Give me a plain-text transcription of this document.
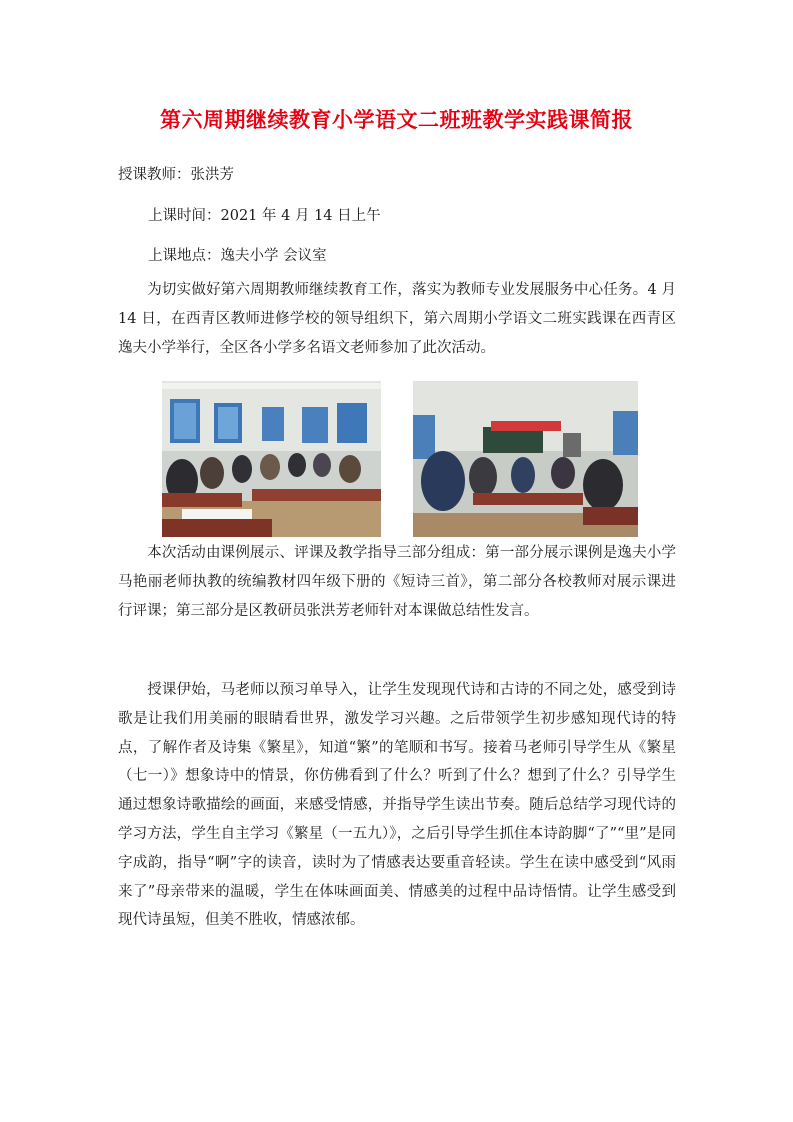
第六周期继续教育小学语文二班班教学实践课简报
授课教师：张洪芳
上课时间：2021 年 4 月 14 日上午
上课地点：逸夫小学 会议室

为切实做好第六周期教师继续教育工作，落实为教师专业发展服务中心任务。4 月 14 日，在西青区教师进修学校的领导组织下，第六周期小学语文二班实践课在西青区逸夫小学举行，全区各小学多名语文老师参加了此次活动。

本次活动由课例展示、评课及教学指导三部分组成：第一部分展示课例是逸夫小学马艳丽老师执教的统编教材四年级下册的《短诗三首》，第二部分各校教师对展示课进行评课；第三部分是区教研员张洪芳老师针对本课做总结性发言。

授课伊始，马老师以预习单导入，让学生发现现代诗和古诗的不同之处，感受到诗歌是让我们用美丽的眼睛看世界，激发学习兴趣。之后带领学生初步感知现代诗的特点，了解作者及诗集《繁星》，知道“繁”的笔顺和书写。接着马老师引导学生从《繁星（七一）》想象诗中的情景，你仿佛看到了什么？听到了什么？想到了什么？引导学生通过想象诗歌描绘的画面，来感受情感，并指导学生读出节奏。随后总结学习现代诗的学习方法，学生自主学习《繁星（一五九）》，之后引导学生抓住本诗韵脚“了”“里”是同字成韵，指导“啊”字的读音，读时为了情感表达要重音轻读。学生在读中感受到“风雨来了”母亲带来的温暖，学生在体味画面美、情感美的过程中品诗悟情。让学生感受到现代诗虽短，但美不胜收，情感浓郁。
